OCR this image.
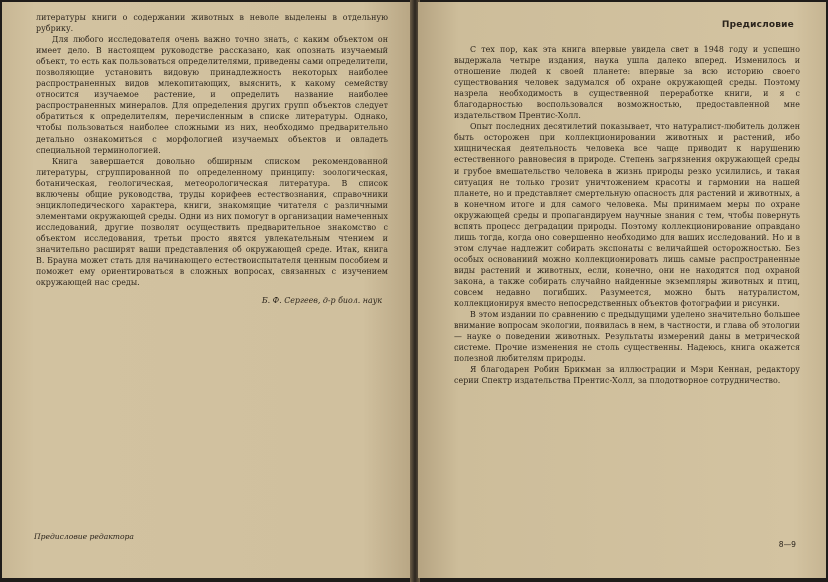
литературы книги о содержании животных в неволе выделены в отдельную рубрику.

Для любого исследователя очень важно точно знать, с каким объектом он имеет дело. В настоящем руководстве рассказано, как опознать изучаемый объект, то есть как пользоваться определителями, приведены сами определители, позволяющие установить видовую принадлежность некоторых наиболее распространенных видов млекопитающих, выяснить, к какому семейству относится изучаемое растение, и определить название наиболее распространенных минералов. Для определения других групп объектов следует обратиться к определителям, перечисленным в списке литературы. Однако, чтобы пользоваться наиболее сложными из них, необходимо предварительно детально ознакомиться с морфологией изучаемых объектов и овладеть специальной терминологией.

Книга завершается довольно обширным списком рекомендованной литературы, сгруппированной по определенному принципу: зоологическая, ботаническая, геологическая, метеорологическая литература. В список включены общие руководства, труды корифеев естествознания, справочники энциклопедического характера, книги, знакомящие читателя с различными элементами окружающей среды. Одни из них помогут в организации намеченных исследований, другие позволят осуществить предварительное знакомство с объектом исследования, третьи просто явятся увлекательным чтением и значительно расширят ваши представления об окружающей среде. Итак, книга В. Брауна может стать для начинающего естествоиспытателя ценным пособием и поможет ему ориентироваться в сложных вопросах, связанных с изучением окружающей нас среды.

Б. Ф. Сергеев, д-р биол. наук
Предисловие редактора
Предисловие

С тех пор, как эта книга впервые увидела свет в 1948 году и успешно выдержала четыре издания, наука ушла далеко вперед. Изменилось и отношение людей к своей планете: впервые за всю историю своего существования человек задумался об охране окружающей среды. Поэтому назрела необходимость в существенной переработке книги, и я с благодарностью воспользовался возможностью, предоставленной мне издательством Прентис-Холл.

Опыт последних десятилетий показывает, что натуралист-любитель должен быть осторожен при коллекционировании животных и растений, ибо хищническая деятельность человека все чаще приводит к нарушению естественного равновесия в природе. Степень загрязнения окружающей среды и грубое вмешательство человека в жизнь природы резко усилились, и такая ситуация не только грозит уничтожением красоты и гармонии на нашей планете, но и представляет смертельную опасность для растений и животных, а в конечном итоге и для самого человека. Мы принимаем меры по охране окружающей среды и пропагандируем научные знания с тем, чтобы повернуть вспять процесс деградации природы. Поэтому коллекционирование оправдано лишь тогда, когда оно совершенно необходимо для ваших исследований. Но и в этом случае надлежит собирать экспонаты с величайшей осторожностью. Без особых основаниий можно коллекционировать лишь самые распространенные виды растений и животных, если, конечно, они не находятся под охраной закона, а также собирать случайно найденные экземпляры животных и птиц, совсем недавно погибших. Разумеется, можно быть натуралистом, коллекционируя вместо непосредственных объектов фотографии и рисунки.

В этом издании по сравнению с предыдущими уделено значительно большее внимание вопросам экологии, появилась в нем, в частности, и глава об этологии — науке о поведении животных. Результаты измерений даны в метрической системе. Прочие изменения не столь существенны. Надеюсь, книга окажется полезной любителям природы.

Я благодарен Робин Брикман за иллюстрации и Мэри Кеннан, редактору серии Спектр издательства Прентис-Холл, за плодотворное сотрудничество.

8—9
